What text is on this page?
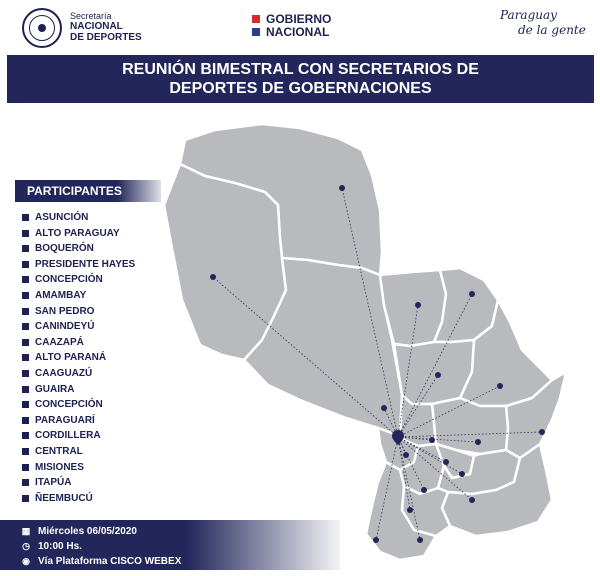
Secretaría
NACIONAL
DE DEPORTES
GOBIERNO
NACIONAL
Paraguay
de la gente
REUNIÓN BIMESTRAL CON SECRETARIOS DE
DEPORTES DE GOBERNACIONES
PARTICIPANTES
ASUNCIÓN
ALTO PARAGUAY
BOQUERÓN
PRESIDENTE HAYES
CONCEPCIÓN
AMAMBAY
SAN PEDRO
CANINDEYÚ
CAAZAPÁ
ALTO PARANÁ
CAAGUAZÚ
GUAIRA
CONCEPCIÓN
PARAGUARÍ
CORDILLERA
CENTRAL
MISIONES
ITAPÚA
ÑEEMBUCÚ
▦ Miércoles 06/05/2020
◷ 10:00 Hs.
◉ Vía Plataforma CISCO WEBEX
